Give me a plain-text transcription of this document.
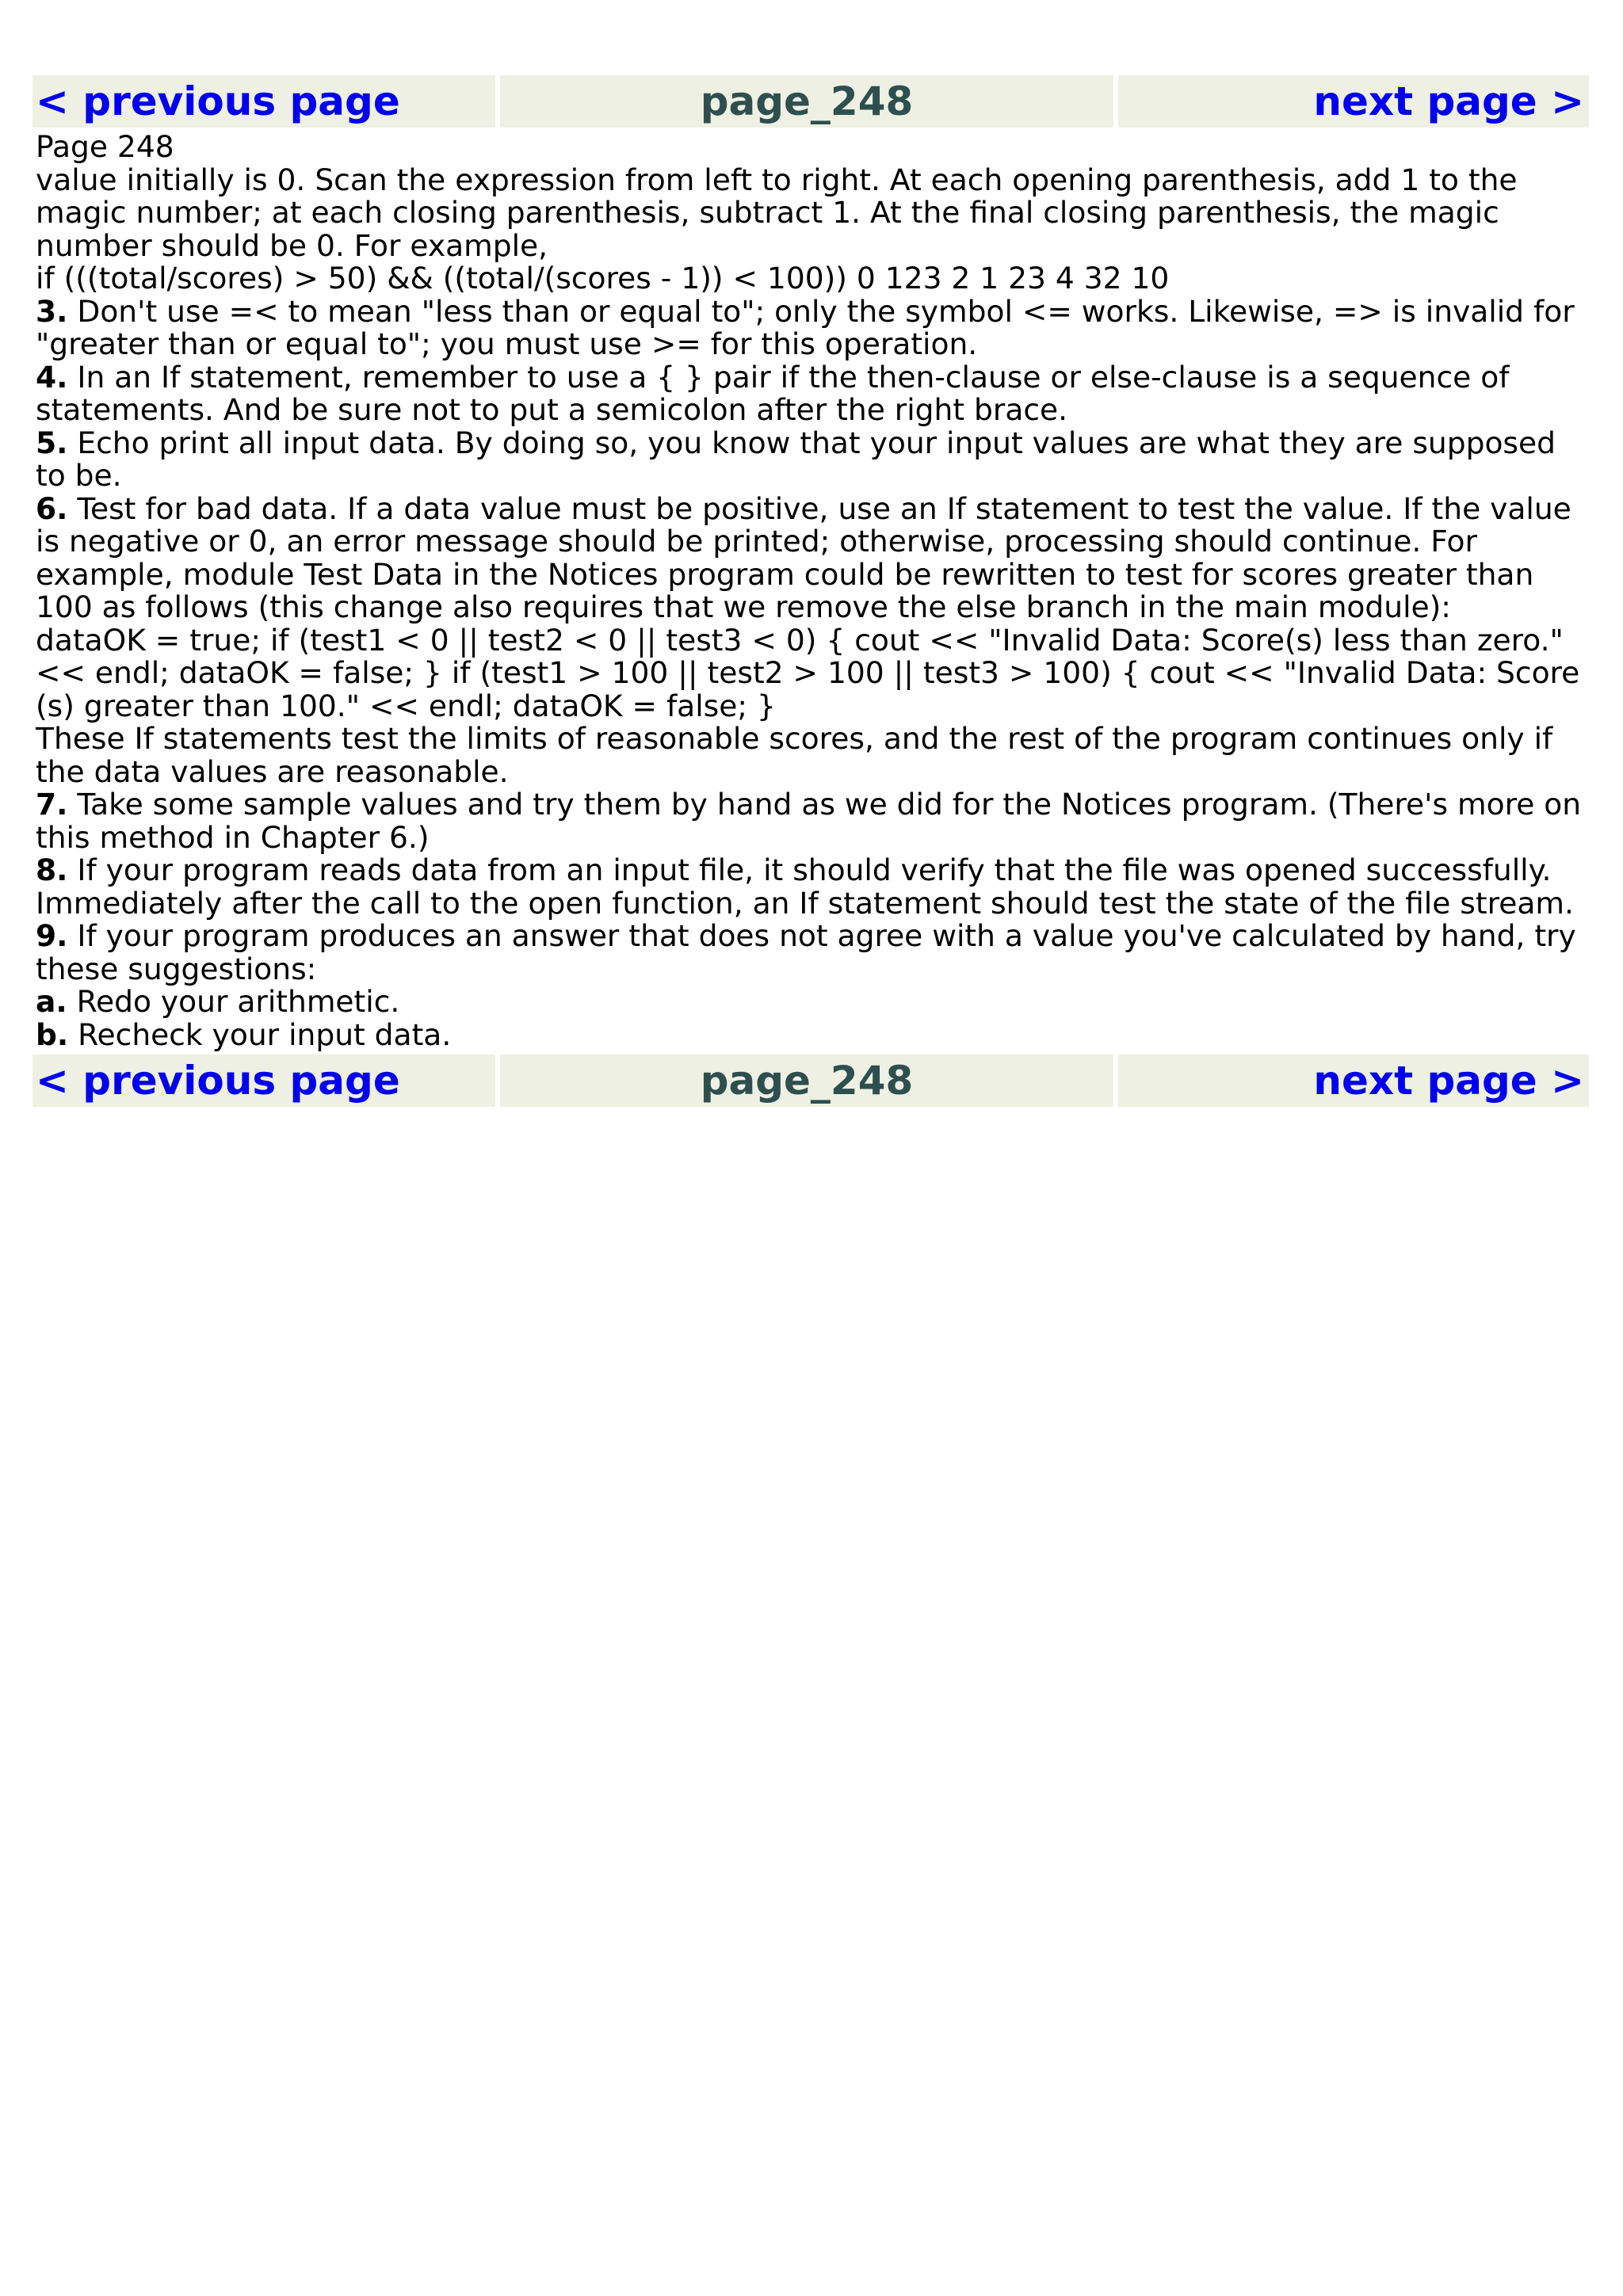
< previous page	page_248	next page >

Page 248

value initially is 0. Scan the expression from left to right. At each opening parenthesis, add 1 to the magic number; at each closing parenthesis, subtract 1. At the final closing parenthesis, the magic number should be 0. For example,

if (((total/scores) > 50) && ((total/(scores - 1)) < 100)) 0 123 2 1 23 4 32 10

3. Don't use =< to mean "less than or equal to"; only the symbol <= works. Likewise, => is invalid for "greater than or equal to"; you must use >= for this operation.

4. In an If statement, remember to use a { } pair if the then-clause or else-clause is a sequence of statements. And be sure not to put a semicolon after the right brace.

5. Echo print all input data. By doing so, you know that your input values are what they are supposed to be.

6. Test for bad data. If a data value must be positive, use an If statement to test the value. If the value is negative or 0, an error message should be printed; otherwise, processing should continue. For example, module Test Data in the Notices program could be rewritten to test for scores greater than 100 as follows (this change also requires that we remove the else branch in the main module):

dataOK = true; if (test1 < 0 || test2 < 0 || test3 < 0) { cout << "Invalid Data: Score(s) less than zero." << endl; dataOK = false; } if (test1 > 100 || test2 > 100 || test3 > 100) { cout << "Invalid Data: Score (s) greater than 100." << endl; dataOK = false; }

These If statements test the limits of reasonable scores, and the rest of the program continues only if the data values are reasonable.

7. Take some sample values and try them by hand as we did for the Notices program. (There's more on this method in Chapter 6.)

8. If your program reads data from an input file, it should verify that the file was opened successfully. Immediately after the call to the open function, an If statement should test the state of the file stream.

9. If your program produces an answer that does not agree with a value you've calculated by hand, try these suggestions:

a. Redo your arithmetic.

b. Recheck your input data.

< previous page	page_248	next page >
